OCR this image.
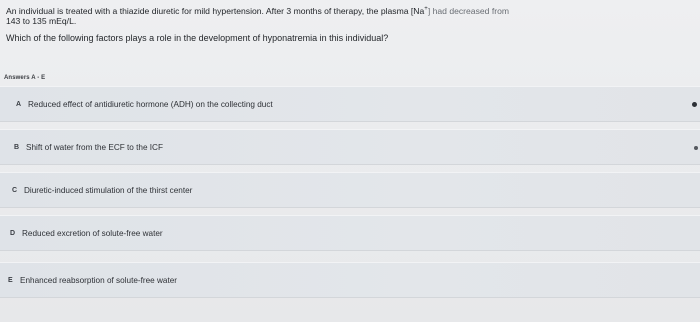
An individual is treated with a thiazide diuretic for mild hypertension. After 3 months of therapy, the plasma [Na+] had decreased from
143 to 135 mEq/L.
Which of the following factors plays a role in the development of hyponatremia in this individual?
Answers A - E
A Reduced effect of antidiuretic hormone (ADH) on the collecting duct
B Shift of water from the ECF to the ICF
C Diuretic-induced stimulation of the thirst center
D Reduced excretion of solute-free water
E Enhanced reabsorption of solute-free water
